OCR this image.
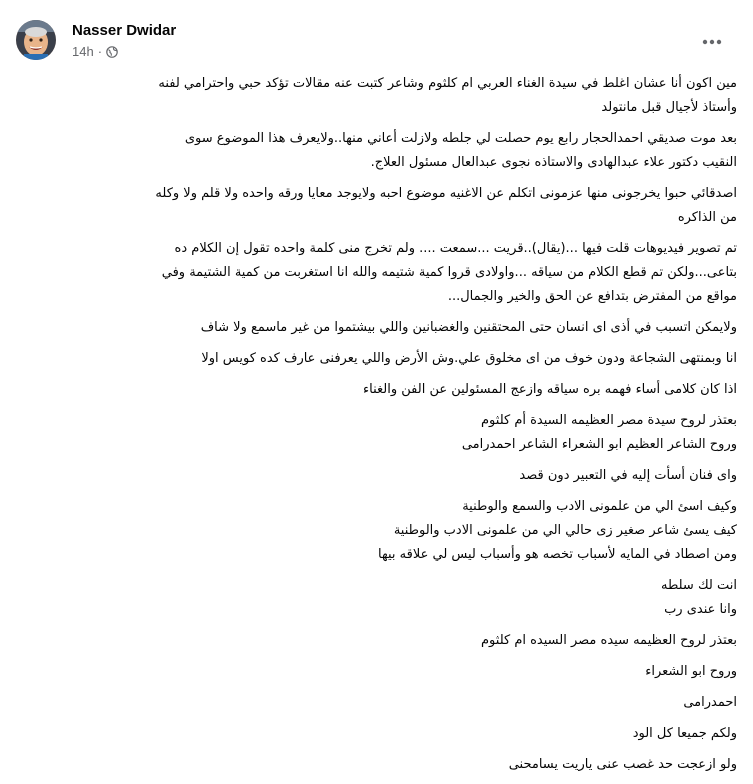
Nasser Dwidar
14h ·

مين اكون أنا عشان اغلط في سيدة الغناء العربي ام كلثوم وشاعر كتبت عنه مقالات تؤكد حبي واحترامي لفنه
وأستاذ لأجيال قبل مانتولد

بعد موت صديقي احمدالحجار رابع يوم حصلت لي جلطه ولازلت أعاني منها..ولايعرف هذا الموضوع سوى
النقيب دكتور علاء عبدالهادى والاستاذه نجوى عبدالعال مسئول العلاج.

اصدقائي حبوا يخرجونى منها عزمونى اتكلم عن الاغنيه موضوع احبه ولايوجد معايا ورقه واحده ولا قلم ولا وكله
من الذاكره

تم تصوير فيديوهات قلت فيها ...(يقال)..قريت ...سمعت .... ولم تخرج منى كلمة واحده تقول إن الكلام ده
بتاعى...ولكن تم قطع الكلام من سياقه ...واولادى قروا كمية شتيمه والله انا استغربت من كمية الشتيمة وفي
مواقع من المفترض بتدافع عن الحق والخير والجمال...

ولايمكن اتسبب في أذى اى انسان حتى المحتقنين والغضبانين واللي بيشتموا من غير ماسمع ولا شاف

انا وبمنتهى الشجاعة ودون خوف من اى مخلوق علي.وش الأرض واللي يعرفنى عارف كده كويس اولا

اذا كان كلامى أساء فهمه بره سياقه وازعج المسئولين عن الفن والغناء

بعتذر لروح سيدة مصر العظيمه السيدة أم كلثوم
وروح الشاعر العظيم ابو الشعراء الشاعر احمدرامى

واى فنان أسأت إليه في التعبير دون قصد

وكيف اسئ الي من علمونى الادب والسمع والوطنية
كيف يسئ شاعر صغير زى حالي الي من علمونى الادب والوطنية
ومن اصطاد في المايه لأسباب تخصه هو وأسباب ليس لي علاقه بيها

انت لك سلطه
وانا عندى رب

بعتذر لروح العظيمه سيده مصر السيده ام كلثوم

وروح ابو الشعراء

احمدرامى

ولكم جميعا كل الود

ولو ازعجت حد غصب عنى ياريت يسامحنى
